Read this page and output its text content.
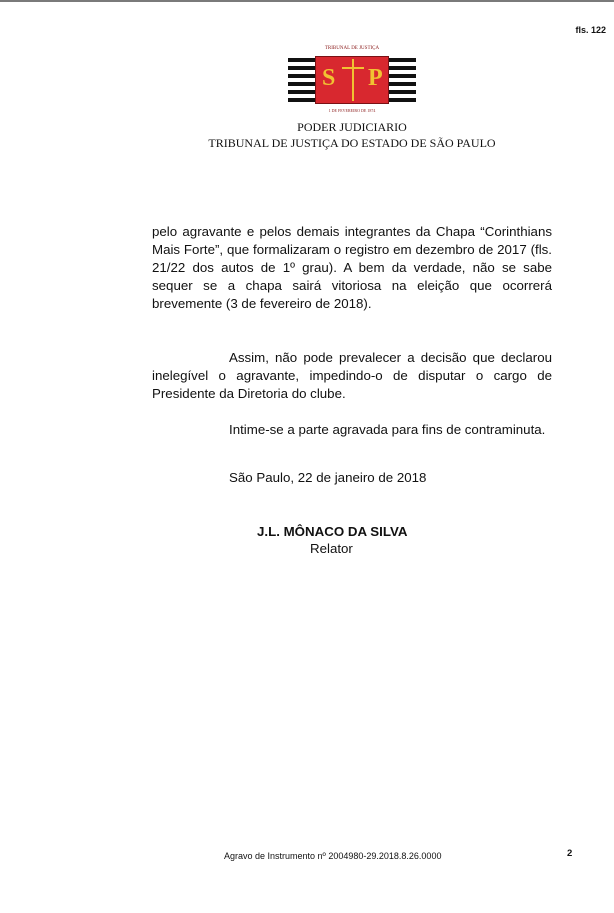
fls. 122
TRIBUNAL DE JUSTIÇA
S P
1 DE FEVEREIRO DE 1874
PODER JUDICIARIO
TRIBUNAL DE JUSTIÇA DO ESTADO DE SÃO PAULO
pelo agravante e pelos demais integrantes da Chapa “Corinthians Mais Forte”, que formalizaram o registro em dezembro de 2017 (fls. 21/22 dos autos de 1º grau). A bem da verdade, não se sabe sequer se a chapa sairá vitoriosa na eleição que ocorrerá brevemente (3 de fevereiro de 2018).
Assim, não pode prevalecer a decisão que declarou inelegível o agravante, impedindo-o de disputar o cargo de Presidente da Diretoria do clube.
Intime-se a parte agravada para fins de contraminuta.
São Paulo, 22 de janeiro de 2018
J.L. MÔNACO DA SILVA
Relator
Agravo de Instrumento nº 2004980-29.2018.8.26.0000	2
